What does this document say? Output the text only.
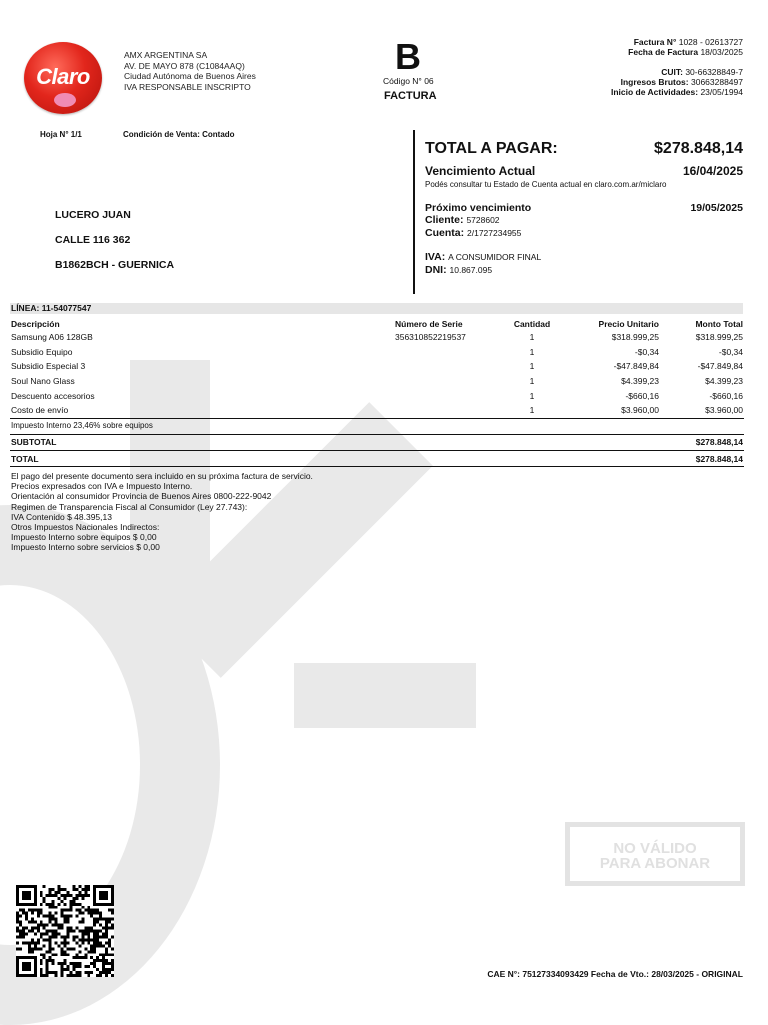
Claro
AMX ARGENTINA SA
AV. DE MAYO 878 (C1084AAQ)
Ciudad Autónoma de Buenos Aires
IVA RESPONSABLE INSCRIPTO
B
Código N° 06
FACTURA
Factura N° 1028 - 02613727
Fecha de Factura 18/03/2025
CUIT: 30-66328849-7
Ingresos Brutos: 30663288497
Inicio de Actividades: 23/05/1994
Hoja N° 1/1	Condición de Venta: Contado
LUCERO JUAN
CALLE 116 362
B1862BCH - GUERNICA
TOTAL A PAGAR:	$278.848,14
Vencimiento Actual	16/04/2025
Podés consultar tu Estado de Cuenta actual en claro.com.ar/miclaro
Próximo vencimiento	19/05/2025
Cliente: 5728602
Cuenta: 2/1727234955
IVA: A CONSUMIDOR FINAL
DNI: 10.867.095
LÍNEA: 11-54077547
Descripción	Número de Serie	Cantidad	Precio Unitario	Monto Total
Samsung A06 128GB	356310852219537	1	$318.999,25	$318.999,25
Subsidio Equipo		1	-$0,34	-$0,34
Subsidio Especial 3		1	-$47.849,84	-$47.849,84
Soul Nano Glass		1	$4.399,23	$4.399,23
Descuento accesorios		1	-$660,16	-$660,16
Costo de envío		1	$3.960,00	$3.960,00
Impuesto Interno 23,46% sobre equipos
SUBTOTAL	$278.848,14
TOTAL	$278.848,14
El pago del presente documento sera incluido en su próxima factura de servicio.
Precios expresados con IVA e Impuesto Interno.
Orientación al consumidor Provincia de Buenos Aires 0800-222-9042
Regimen de Transparencia Fiscal al Consumidor (Ley 27.743):
IVA Contenido $ 48.395,13
Otros Impuestos Nacionales Indirectos:
Impuesto Interno sobre equipos $ 0,00
Impuesto Interno sobre servicios $ 0,00
NO VÁLIDO
PARA ABONAR
CAE N°: 75127334093429 Fecha de Vto.: 28/03/2025 - ORIGINAL
